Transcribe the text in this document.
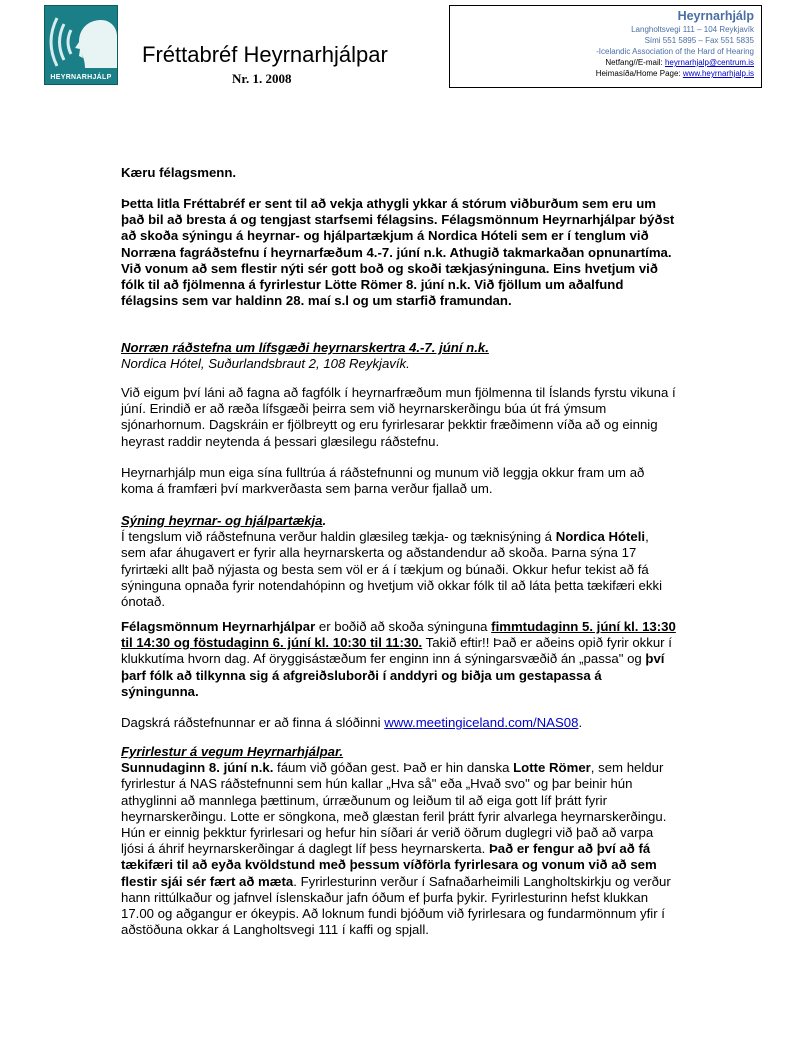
HEYRNARHJÁLP
Fréttabréf Heyrnarhjálpar
Nr. 1. 2008
Heyrnarhjálp
Langholtsvegi 111 – 104 Reykjavík
Sími 551 5895 – Fax 551 5835
-Icelandic Association of the Hard of Hearing
Netfang//E-mail: heyrnarhjalp@centrum.is
Heimasíða/Home Page: www.heyrnarhjalp.is
Kæru félagsmenn.
Þetta litla Fréttabréf er sent til að vekja athygli ykkar á stórum viðburðum sem eru um það bil að bresta á og tengjast starfsemi félagsins. Félagsmönnum Heyrnarhjálpar býðst að skoða sýningu á heyrnar- og hjálpartækjum á Nordica Hóteli sem er í tenglum við Norræna fagráðstefnu í heyrnarfæðum 4.-7. júní n.k. Athugið takmarkaðan opnunartíma. Við vonum að sem flestir nýti sér gott boð og skoði tækjasýninguna. Eins hvetjum við fólk til að fjölmenna á fyrirlestur Lötte Römer 8. júní n.k. Við fjöllum um aðalfund félagsins sem var haldinn 28. maí s.l og um starfið framundan.

Norræn ráðstefna um lífsgæði heyrnarskertra 4.-7. júní n.k.

Nordica Hótel, Suðurlandsbraut 2, 108 Reykjavík.

Við eigum því láni að fagna að fagfólk í heyrnarfræðum mun fjölmenna til Íslands fyrstu vikuna í júní. Erindið er að ræða lífsgæði þeirra sem við heyrnarskerðingu búa út frá ýmsum sjónarhornum. Dagskráin er fjölbreytt og eru fyrirlesarar þekktir fræðimenn víða að og einnig heyrast raddir neytenda á þessari glæsilegu ráðstefnu.
Heyrnarhjálp mun eiga sína fulltrúa á ráðstefnunni og munum við leggja okkur fram um að koma á framfæri því markverðasta sem þarna verður fjallað um.

Sýning heyrnar- og hjálpartækja.

Í tengslum við ráðstefnuna verður haldin glæsileg tækja- og tæknisýning á Nordica Hóteli, sem afar áhugavert er fyrir alla heyrnarskerta og aðstandendur að skoða. Þarna sýna 17 fyrirtæki allt það nýjasta og besta sem völ er á í tækjum og búnaði. Okkur hefur tekist að fá sýninguna opnaða fyrir notendahópinn og hvetjum við okkar fólk til að láta þetta tækifæri ekki ónotað.

Félagsmönnum Heyrnarhjálpar er boðið að skoða sýninguna fimmtudaginn 5. júní kl. 13:30 til 14:30 og föstudaginn 6. júní kl. 10:30 til 11:30. Takið eftir!! Það er aðeins opið fyrir okkur í klukkutíma hvorn dag. Af öryggisástæðum fer enginn inn á sýningarsvæðið án „passa" og því þarf fólk að tilkynna sig á afgreiðsluborði í anddyri og biðja um gestapassa á sýningunna.
Dagskrá ráðstefnunnar er að finna á slóðinni www.meetingiceland.com/NAS08.

Fyrirlestur á vegum Heyrnarhjálpar.

Sunnudaginn 8. júní n.k. fáum við góðan gest. Það er hin danska Lotte Römer, sem heldur fyrirlestur á NAS ráðstefnunni sem hún kallar „Hva så" eða „Hvað svo" og þar beinir hún athyglinni að mannlega þættinum, úrræðunum og leiðum til að eiga gott líf þrátt fyrir heyrnarskerðingu. Lotte er söngkona, með glæstan feril þrátt fyrir alvarlega heyrnarskerðingu. Hún er einnig þekktur fyrirlesari og hefur hin síðari ár verið öðrum duglegri við það að varpa ljósi á áhrif heyrnarskerðingar á daglegt líf þess heyrnarskerta. Það er fengur að því að fá tækifæri til að eyða kvöldstund með þessum víðförla fyrirlesara og vonum við að sem flestir sjái sér fært að mæta. Fyrirlesturinn verður í Safnaðarheimili Langholtskirkju og verður hann rittúlkaður og jafnvel íslenskaður jafn óðum ef þurfa þykir. Fyrirlesturinn hefst klukkan 17.00 og aðgangur er ókeypis. Að loknum fundi bjóðum við fyrirlesara og fundarmönnum yfir í aðstöðuna okkar á Langholtsvegi 111 í kaffi og spjall.
